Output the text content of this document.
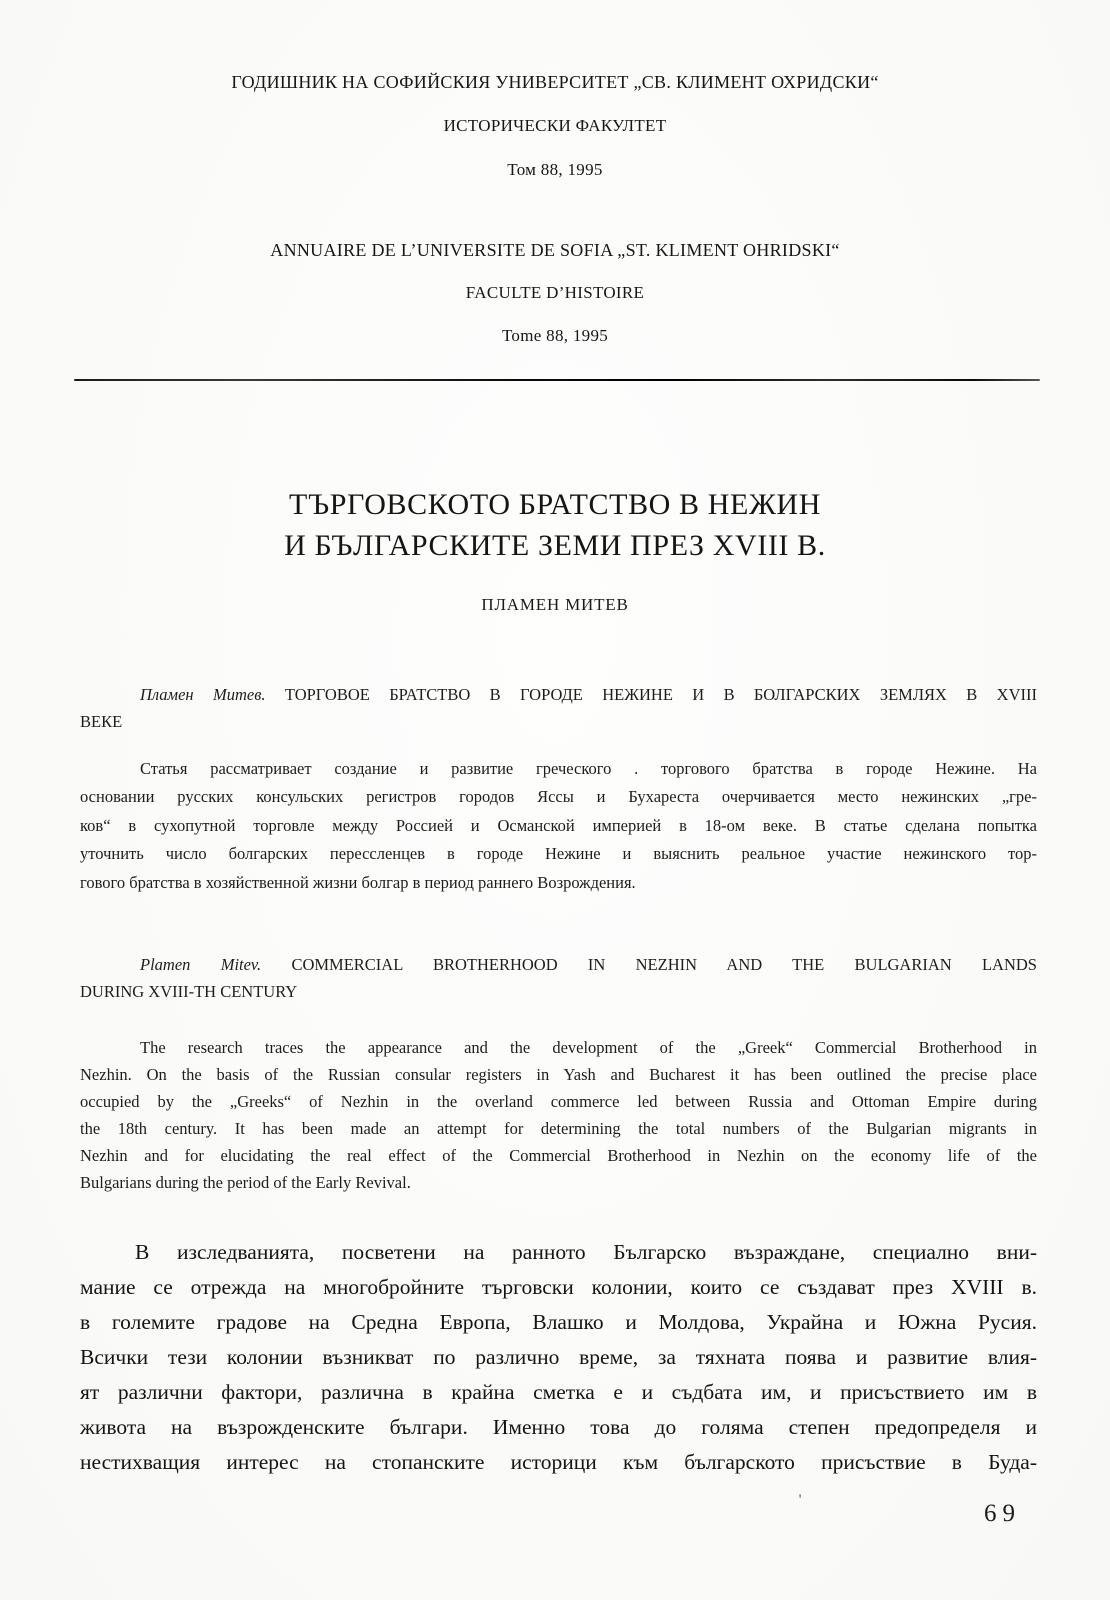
ГОДИШНИК НА СОФИЙСКИЯ УНИВЕРСИТЕТ „СВ. КЛИМЕНТ ОХРИДСКИ“
ИСТОРИЧЕСКИ ФАКУЛТЕТ
Том 88, 1995
ANNUAIRE DE L’UNIVERSITE DE SOFIA „ST. KLIMENT OHRIDSKI“
FACULTE D’HISTOIRE
Tome 88, 1995
ТЪРГОВСКОТО БРАТСТВО В НЕЖИН
И БЪЛГАРСКИТЕ ЗЕМИ ПРЕЗ XVIII В.
ПЛАМЕН МИТЕВ
Пламен Митев. ТОРГОВОЕ БРАТСТВО В ГОРОДЕ НЕЖИНЕ И В БОЛГАРСКИХ ЗЕМЛЯХ В XVIII
ВЕКЕ
Статья рассматривает создание и развитие греческого . торгового братства в городе Нежине. На
основании русских консульских регистров городов Яссы и Бухареста очерчивается место нежинских „гре-
ков“ в сухопутной торговле между Россией и Османской империей в 18-ом веке. В статье сделана попытка
уточнить число болгарских перессленцев в городе Нежине и выяснить реальное участие нежинского тор-
гового братства в хозяйственной жизни болгар в период раннего Возрождения.
Plamen Mitev. COMMERCIAL BROTHERHOOD IN NEZHIN AND THE BULGARIAN LANDS
DURING XVIII-TH CENTURY
The research traces the appearance and the development of the „Greek“ Commercial Brotherhood in
Nezhin. On the basis of the Russian consular registers in Yash and Bucharest it has been outlined the precise place
occupied by the „Greeks“ of Nezhin in the overland commerce led between Russia and Ottoman Empire during
the 18th century. It has been made an attempt for determining the total numbers of the Bulgarian migrants in
Nezhin and for elucidating the real effect of the Commercial Brotherhood in Nezhin on the economy life of the
Bulgarians during the period of the Early Revival.
В изследванията, посветени на ранното Българско възраждане, специално вни-
мание се отрежда на многобройните търговски колонии, които се създават през XVIII в.
в големите градове на Средна Европа, Влашко и Молдова, Украйна и Южна Русия.
Всички тези колонии възникват по различно време, за тяхната поява и развитие влия-
ят различни фактори, различна в крайна сметка е и съдбата им, и присъствието им в
живота на възрожденските българи. Именно това до голяма степен предопределя и
нестихващия интерес на стопанските историци към българското присъствие в Буда-
ꞌ
69
